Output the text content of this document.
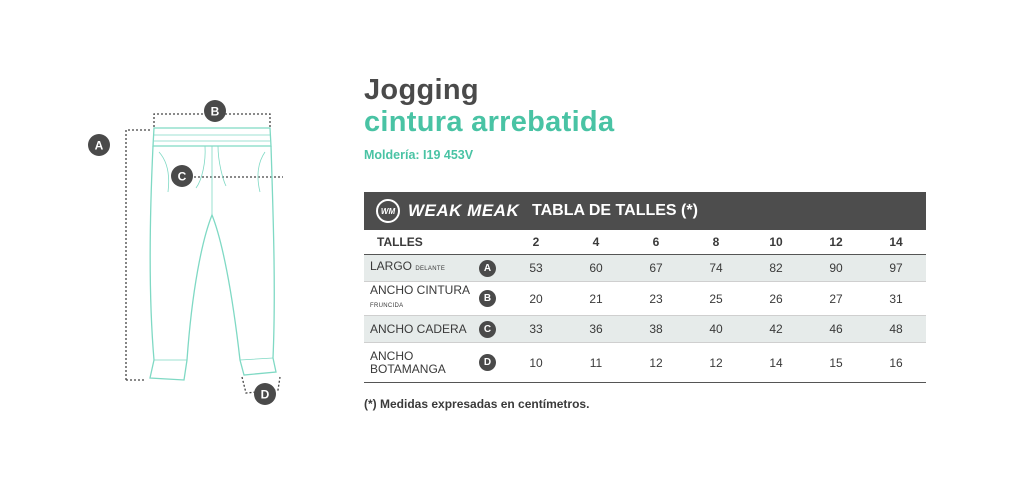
A
B
C
D
Jogging
cintura arrebatida
Moldería: I19 453V
WM WEAK MEAK TABLA DE TALLES (*)
TALLES	2	4	6	8	10	12	14

LARGO DELANTE A	53	60	67	74	82	90	97

ANCHO CINTURA
FRUNCIDA
B	20	21	23	25	26	27	31

ANCHO CADERA C	33	36	38	40	42	46	48

ANCHO
BOTAMANGA D	10	11	12	12	14	15	16
(*) Medidas expresadas en centímetros.
